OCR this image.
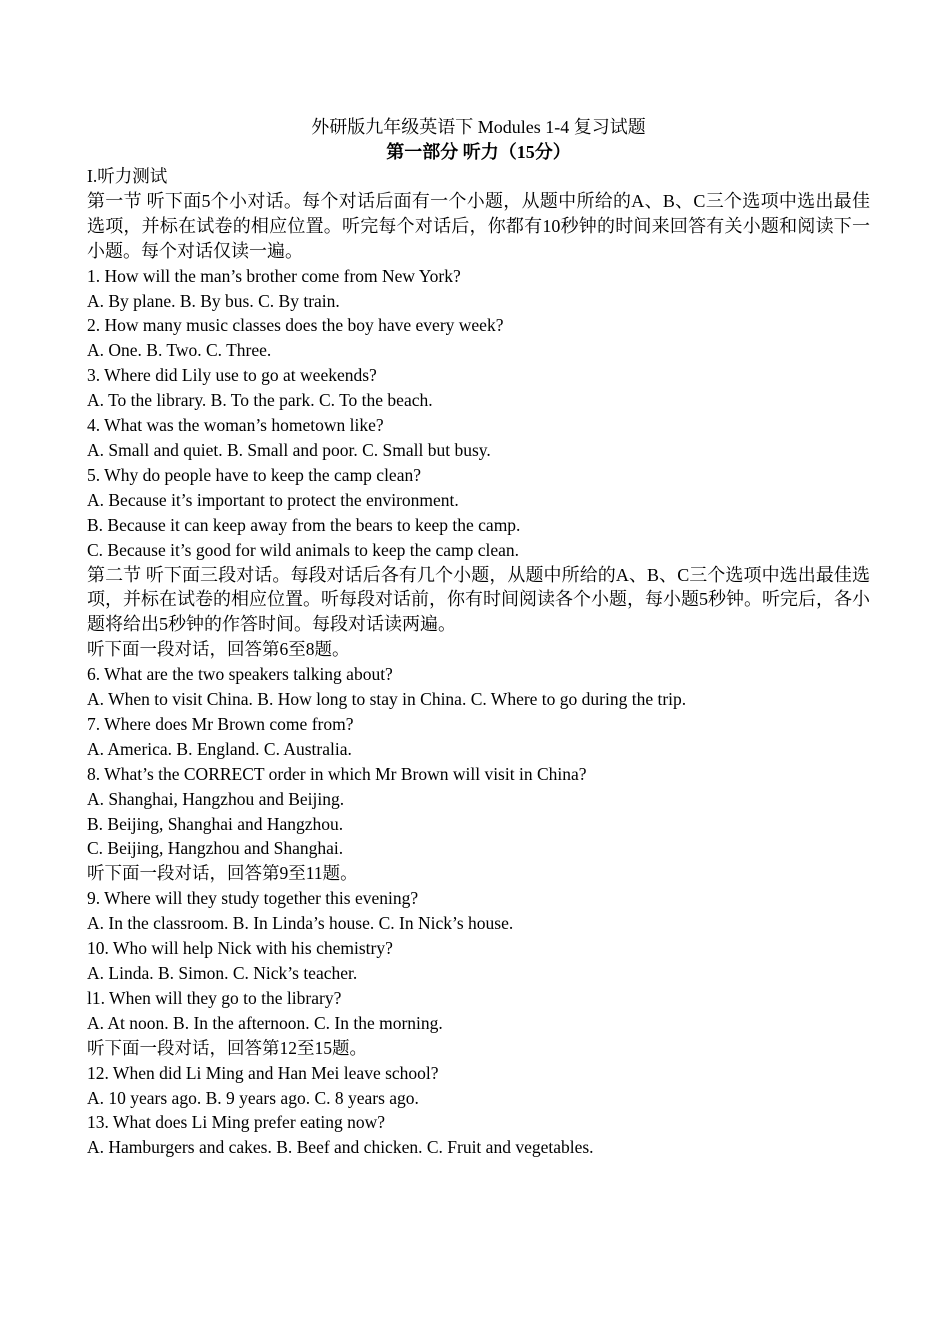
外研版九年级英语下 Modules 1-4 复习试题
第一部分 听力（15分）
I.听力测试
第一节 听下面5个小对话。每个对话后面有一个小题，从题中所给的A、B、C三个选项中选出最佳选项，并标在试卷的相应位置。听完每个对话后，你都有10秒钟的时间来回答有关小题和阅读下一小题。每个对话仅读一遍。
1. How will the man’s brother come from New York?
A. By plane. B. By bus. C. By train.
2. How many music classes does the boy have every week?
A. One. B. Two. C. Three.
3. Where did Lily use to go at weekends?
A. To the library. B. To the park. C. To the beach.
4. What was the woman’s hometown like?
A. Small and quiet. B. Small and poor. C. Small but busy.
5. Why do people have to keep the camp clean?
A. Because it’s important to protect the environment.
B. Because it can keep away from the bears to keep the camp.
C. Because it’s good for wild animals to keep the camp clean.
第二节 听下面三段对话。每段对话后各有几个小题，从题中所给的A、B、C三个选项中选出最佳选项，并标在试卷的相应位置。听每段对话前，你有时间阅读各个小题，每小题5秒钟。听完后，各小题将给出5秒钟的作答时间。每段对话读两遍。
听下面一段对话，回答第6至8题。
6. What are the two speakers talking about?
A. When to visit China. B. How long to stay in China. C. Where to go during the trip.
7. Where does Mr Brown come from?
A. America. B. England. C. Australia.
8. What’s the CORRECT order in which Mr Brown will visit in China?
A. Shanghai, Hangzhou and Beijing.
B. Beijing, Shanghai and Hangzhou.
C. Beijing, Hangzhou and Shanghai.
听下面一段对话，回答第9至11题。
9. Where will they study together this evening?
A. In the classroom. B. In Linda’s house. C. In Nick’s house.
10. Who will help Nick with his chemistry?
A. Linda. B. Simon. C. Nick’s teacher.
l1. When will they go to the library?
A. At noon. B. In the afternoon. C. In the morning.
听下面一段对话，回答第12至15题。
12. When did Li Ming and Han Mei leave school?
A. 10 years ago. B. 9 years ago. C. 8 years ago.
13. What does Li Ming prefer eating now?
A. Hamburgers and cakes. B. Beef and chicken. C. Fruit and vegetables.
